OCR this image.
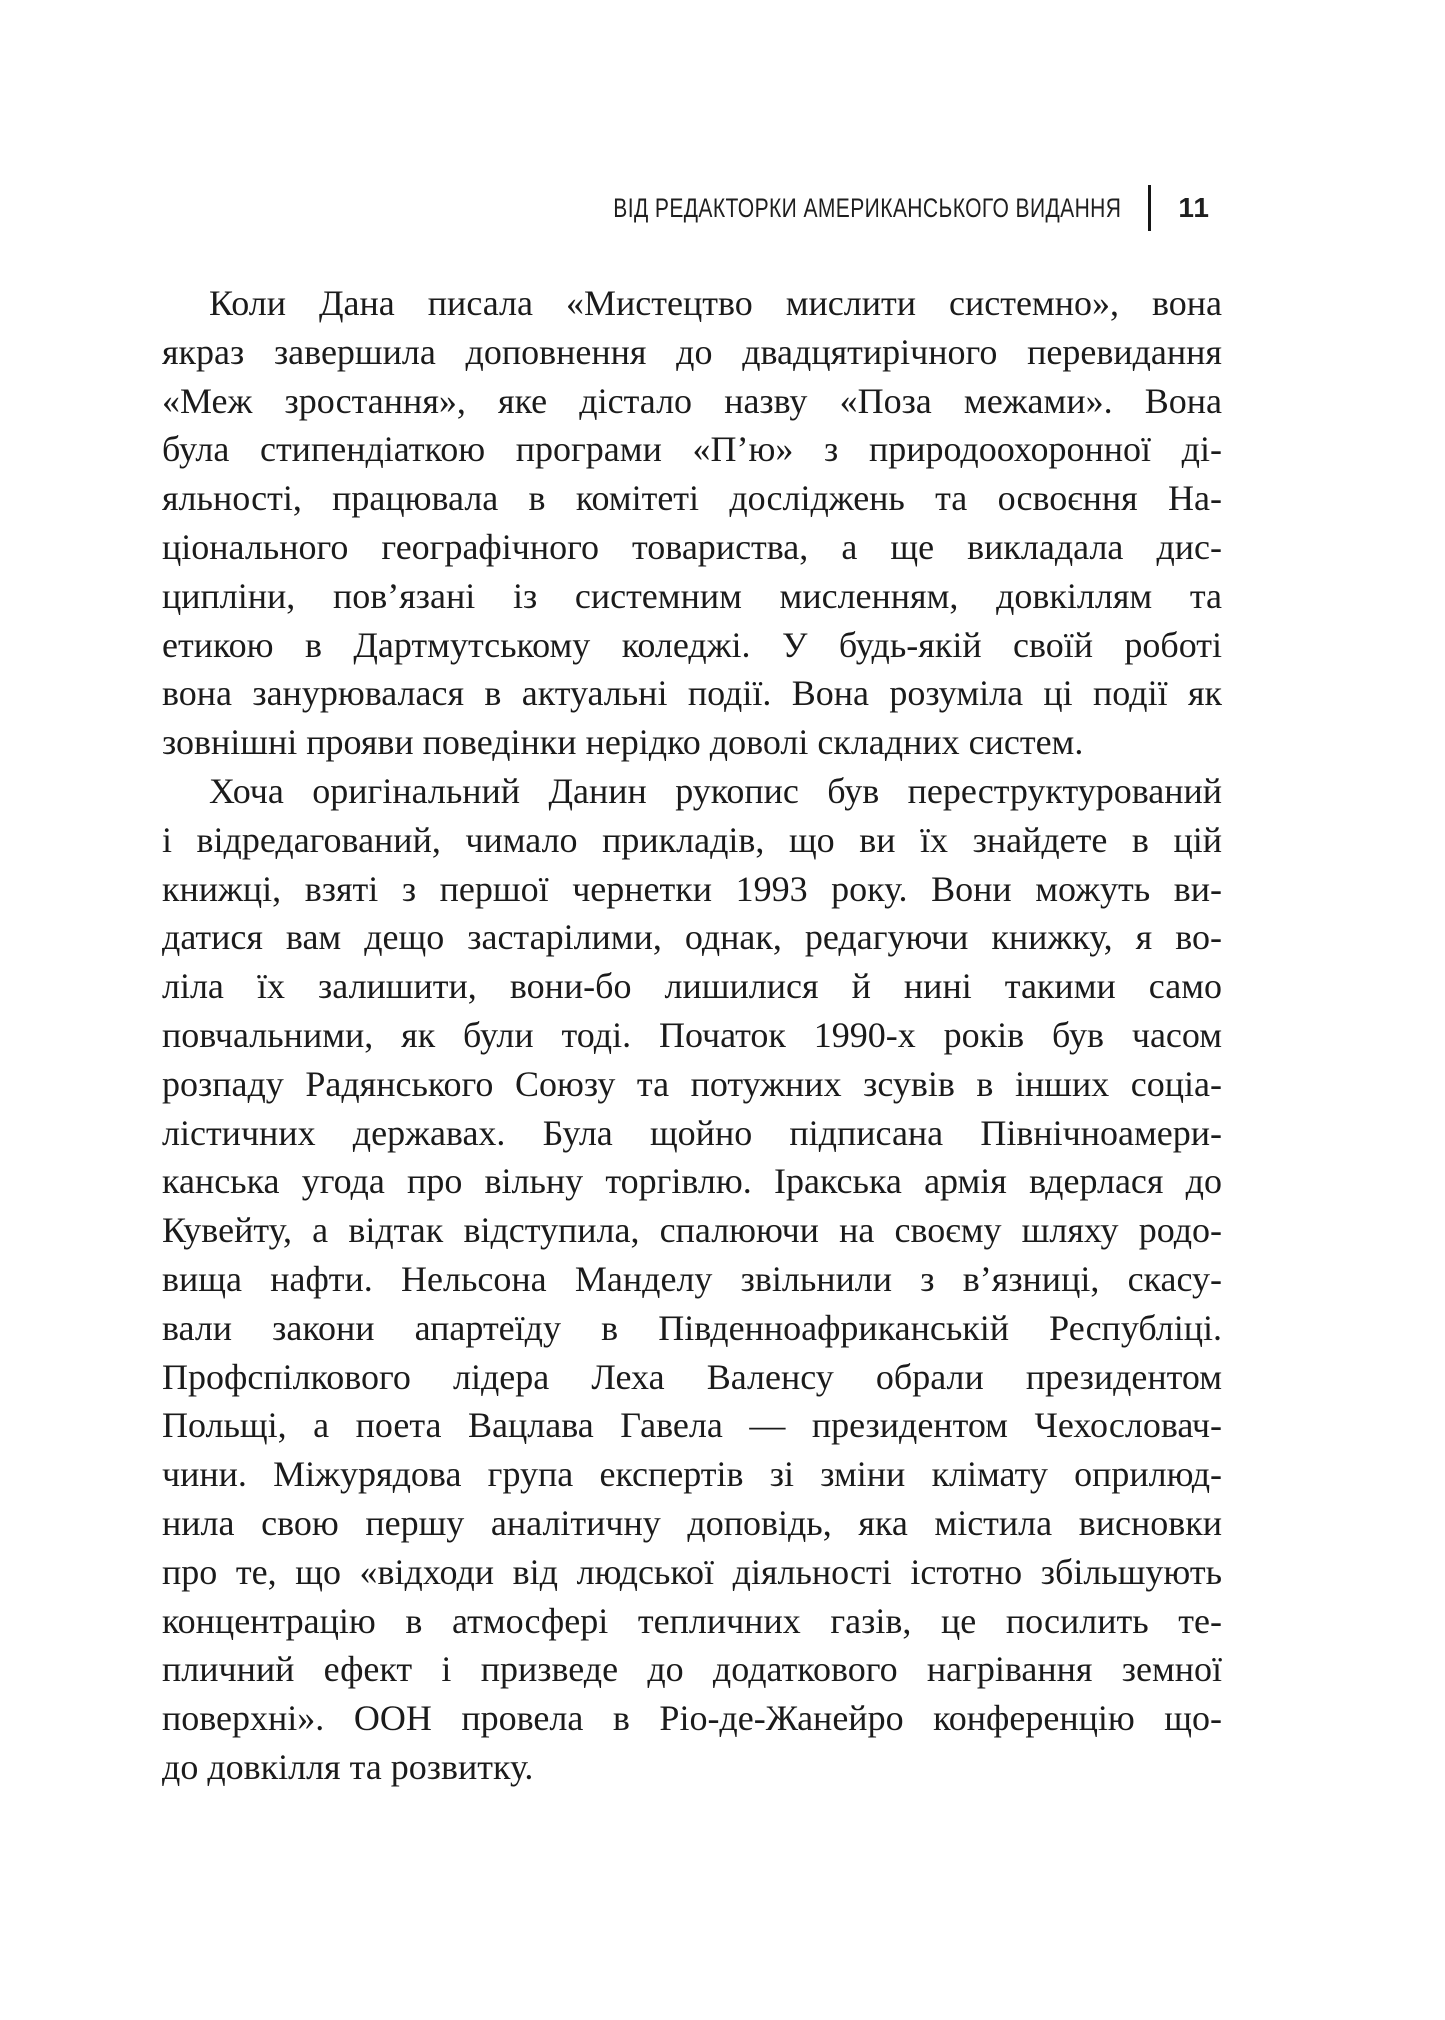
ВІД РЕДАКТОРКИ АМЕРИКАНСЬКОГО ВИДАННЯ 11
Коли Дана писала «Мистецтво мислити системно», вона
якраз завершила доповнення до двадцятирічного перевидання
«Меж зростання», яке дістало назву «Поза межами». Вона
була стипендіаткою програми «П’ю» з природоохоронної ді-
яльності, працювала в комітеті досліджень та освоєння На-
ціонального географічного товариства, а ще викладала дис-
ципліни, пов’язані із системним мисленням, довкіллям та
етикою в Дартмутському коледжі. У будь-якій своїй роботі
вона занурювалася в актуальні події. Вона розуміла ці події як
зовнішні прояви поведінки нерідко доволі складних систем.
Хоча оригінальний Данин рукопис був переструктурований
і відредагований, чимало прикладів, що ви їх знайдете в цій
книжці, взяті з першої чернетки 1993 року. Вони можуть ви-
датися вам дещо застарілими, однак, редагуючи книжку, я во-
ліла їх залишити, вони-бо лишилися й нині такими само
повчальними, як були тоді. Початок 1990-х років був часом
розпаду Радянського Союзу та потужних зсувів в інших соціа-
лістичних державах. Була щойно підписана Північноамери-
канська угода про вільну торгівлю. Іракська армія вдерлася до
Кувейту, а відтак відступила, спалюючи на своєму шляху родо-
вища нафти. Нельсона Манделу звільнили з в’язниці, скасу-
вали закони апартеїду в Південноафриканській Республіці.
Профспілкового лідера Леха Валенсу обрали президентом
Польщі, а поета Вацлава Гавела — президентом Чехословач-
чини. Міжурядова група експертів зі зміни клімату оприлюд-
нила свою першу аналітичну доповідь, яка містила висновки
про те, що «відходи від людської діяльності істотно збільшують
концентрацію в атмосфері тепличних газів, це посилить те-
пличний ефект і призведе до додаткового нагрівання земної
поверхні». ООН провела в Ріо-де-Жанейро конференцію що-
до довкілля та розвитку.
